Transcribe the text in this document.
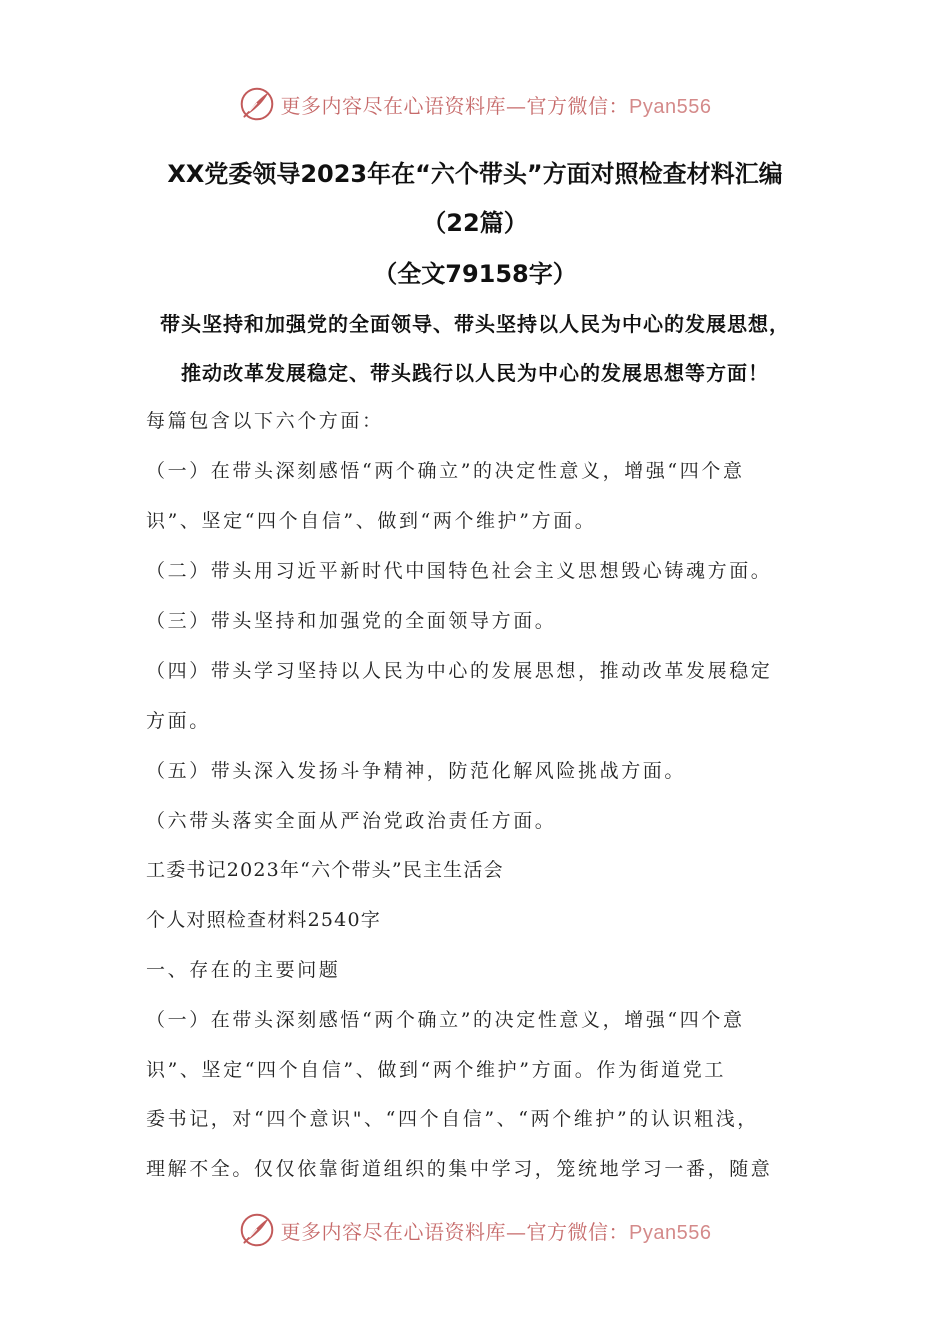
更多内容尽在心语资料库—官方微信：Pyan556
XX党委领导2023年在“六个带头”方面对照检查材料汇编
（22篇）
（全文79158字）
带头坚持和加强党的全面领导、带头坚持以人民为中心的发展思想，
推动改革发展稳定、带头践行以人民为中心的发展思想等方面！
每篇包含以下六个方面：
（一）在带头深刻感悟“两个确立”的决定性意义，增强“四个意
识”、坚定“四个自信”、做到“两个维护”方面。
（二）带头用习近平新时代中国特色社会主义思想毁心铸魂方面。
（三）带头坚持和加强党的全面领导方面。
（四）带头学习坚持以人民为中心的发展思想，推动改革发展稳定
方面。
（五）带头深入发扬斗争精神，防范化解风险挑战方面。
（六带头落实全面从严治党政治责任方面。
工委书记2023年“六个带头”民主生活会
个人对照检查材料2540字
一、存在的主要问题
（一）在带头深刻感悟“两个确立”的决定性意义，增强“四个意
识”、坚定“四个自信”、做到“两个维护”方面。作为街道党工
委书记，对“四个意识"、“四个自信”、“两个维护”的认识粗浅，
理解不全。仅仅依靠街道组织的集中学习，笼统地学习一番，随意
更多内容尽在心语资料库—官方微信：Pyan556
